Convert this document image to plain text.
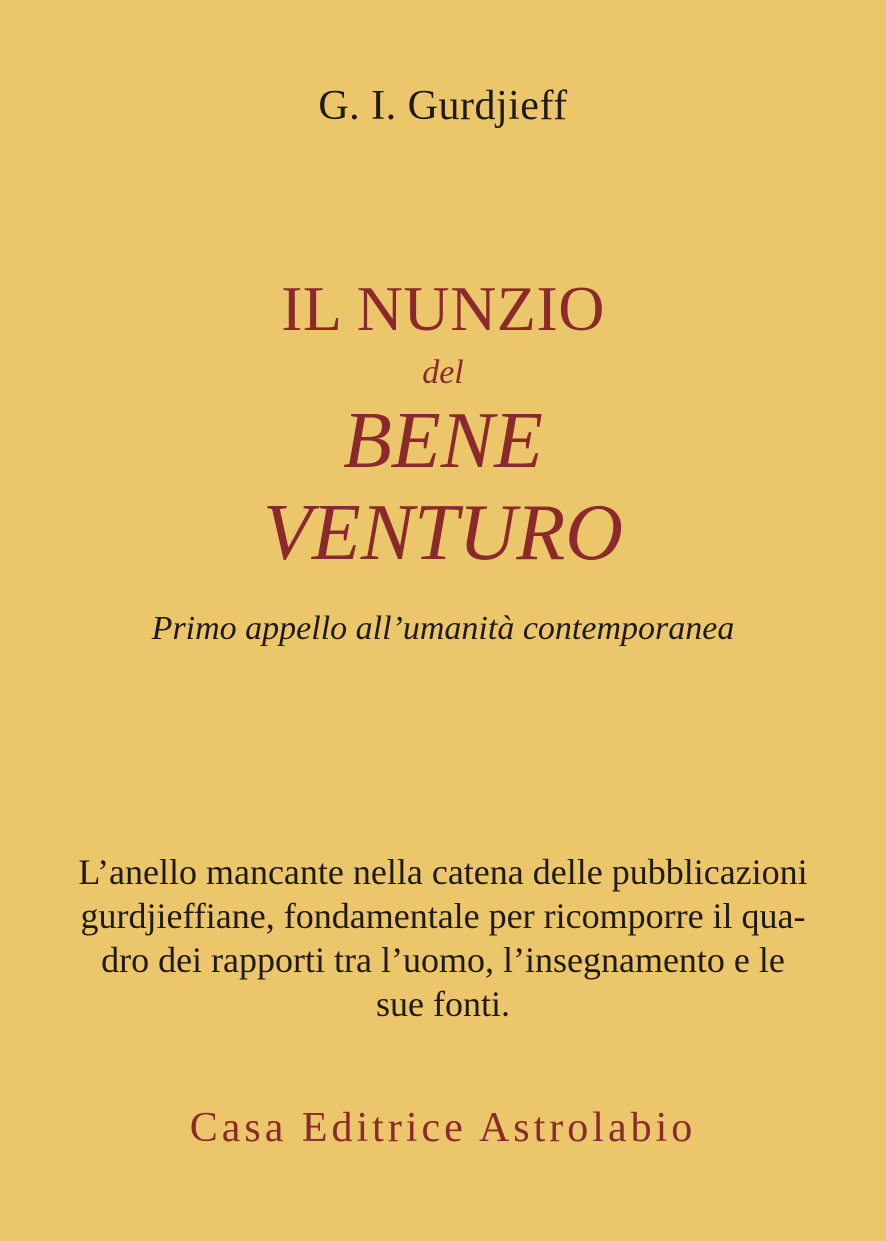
G. I. Gurdjieff

IL NUNZIO

del

BENE

VENTURO

Primo appello all’umanità contemporanea

L’anello mancante nella catena delle pubblicazioni

gurdjieffiane, fondamentale per ricomporre il qua-

dro dei rapporti tra l’uomo, l’insegnamento e le

sue fonti.

Casa Editrice Astrolabio
